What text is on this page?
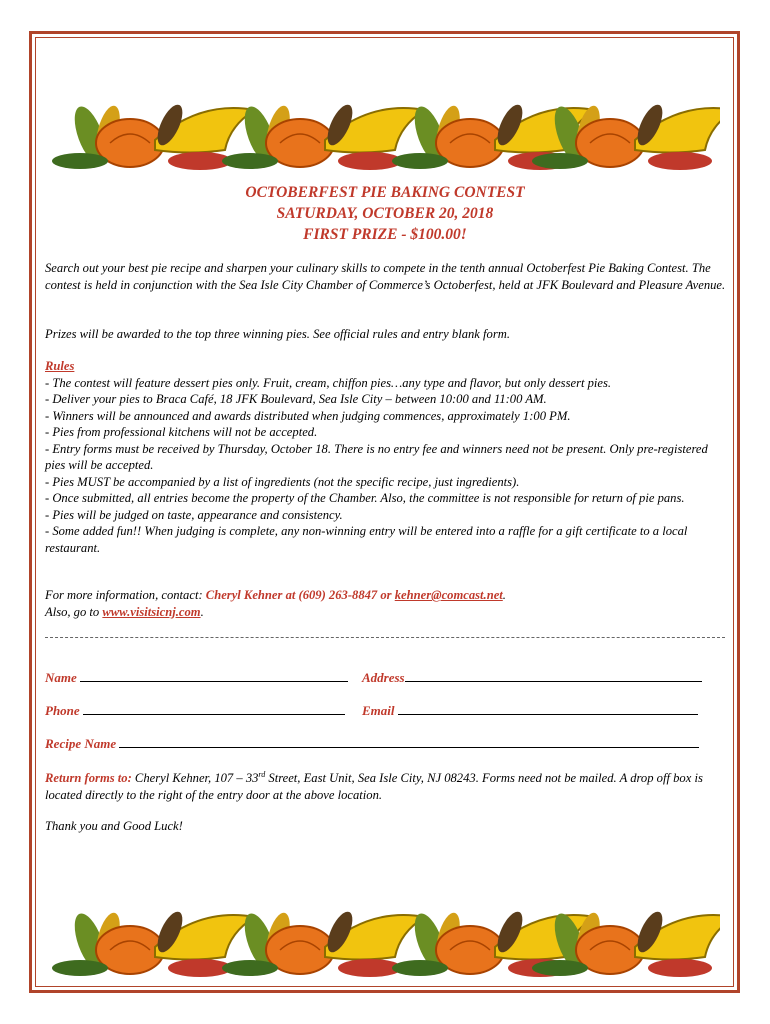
OCTOBERFEST PIE BAKING CONTEST
SATURDAY, OCTOBER 20, 2018
FIRST PRIZE - $100.00!
Search out your best pie recipe and sharpen your culinary skills to compete in the tenth annual Octoberfest Pie Baking Contest. The contest is held in conjunction with the Sea Isle City Chamber of Commerce’s Octoberfest, held at JFK Boulevard and Pleasure Avenue.
Prizes will be awarded to the top three winning pies. See official rules and entry blank form.
Rules
- The contest will feature dessert pies only. Fruit, cream, chiffon pies…any type and flavor, but only dessert pies.
- Deliver your pies to Braca Café, 18 JFK Boulevard, Sea Isle City – between 10:00 and 11:00 AM.
- Winners will be announced and awards distributed when judging commences, approximately 1:00 PM.
- Pies from professional kitchens will not be accepted.
- Entry forms must be received by Thursday, October 18. There is no entry fee and winners need not be present. Only pre-registered pies will be accepted.
- Pies MUST be accompanied by a list of ingredients (not the specific recipe, just ingredients).
- Once submitted, all entries become the property of the Chamber. Also, the committee is not responsible for return of pie pans.
- Pies will be judged on taste, appearance and consistency.
- Some added fun!! When judging is complete, any non-winning entry will be entered into a raffle for a gift certificate to a local restaurant.
For more information, contact: Cheryl Kehner at (609) 263-8847 or kehner@comcast.net.
Also, go to www.visitsicnj.com.
Name	Address
Phone	Email
Recipe Name
Return forms to: Cheryl Kehner, 107 – 33rd Street, East Unit, Sea Isle City, NJ 08243. Forms need not be mailed. A drop off box is located directly to the right of the entry door at the above location.
Thank you and Good Luck!
